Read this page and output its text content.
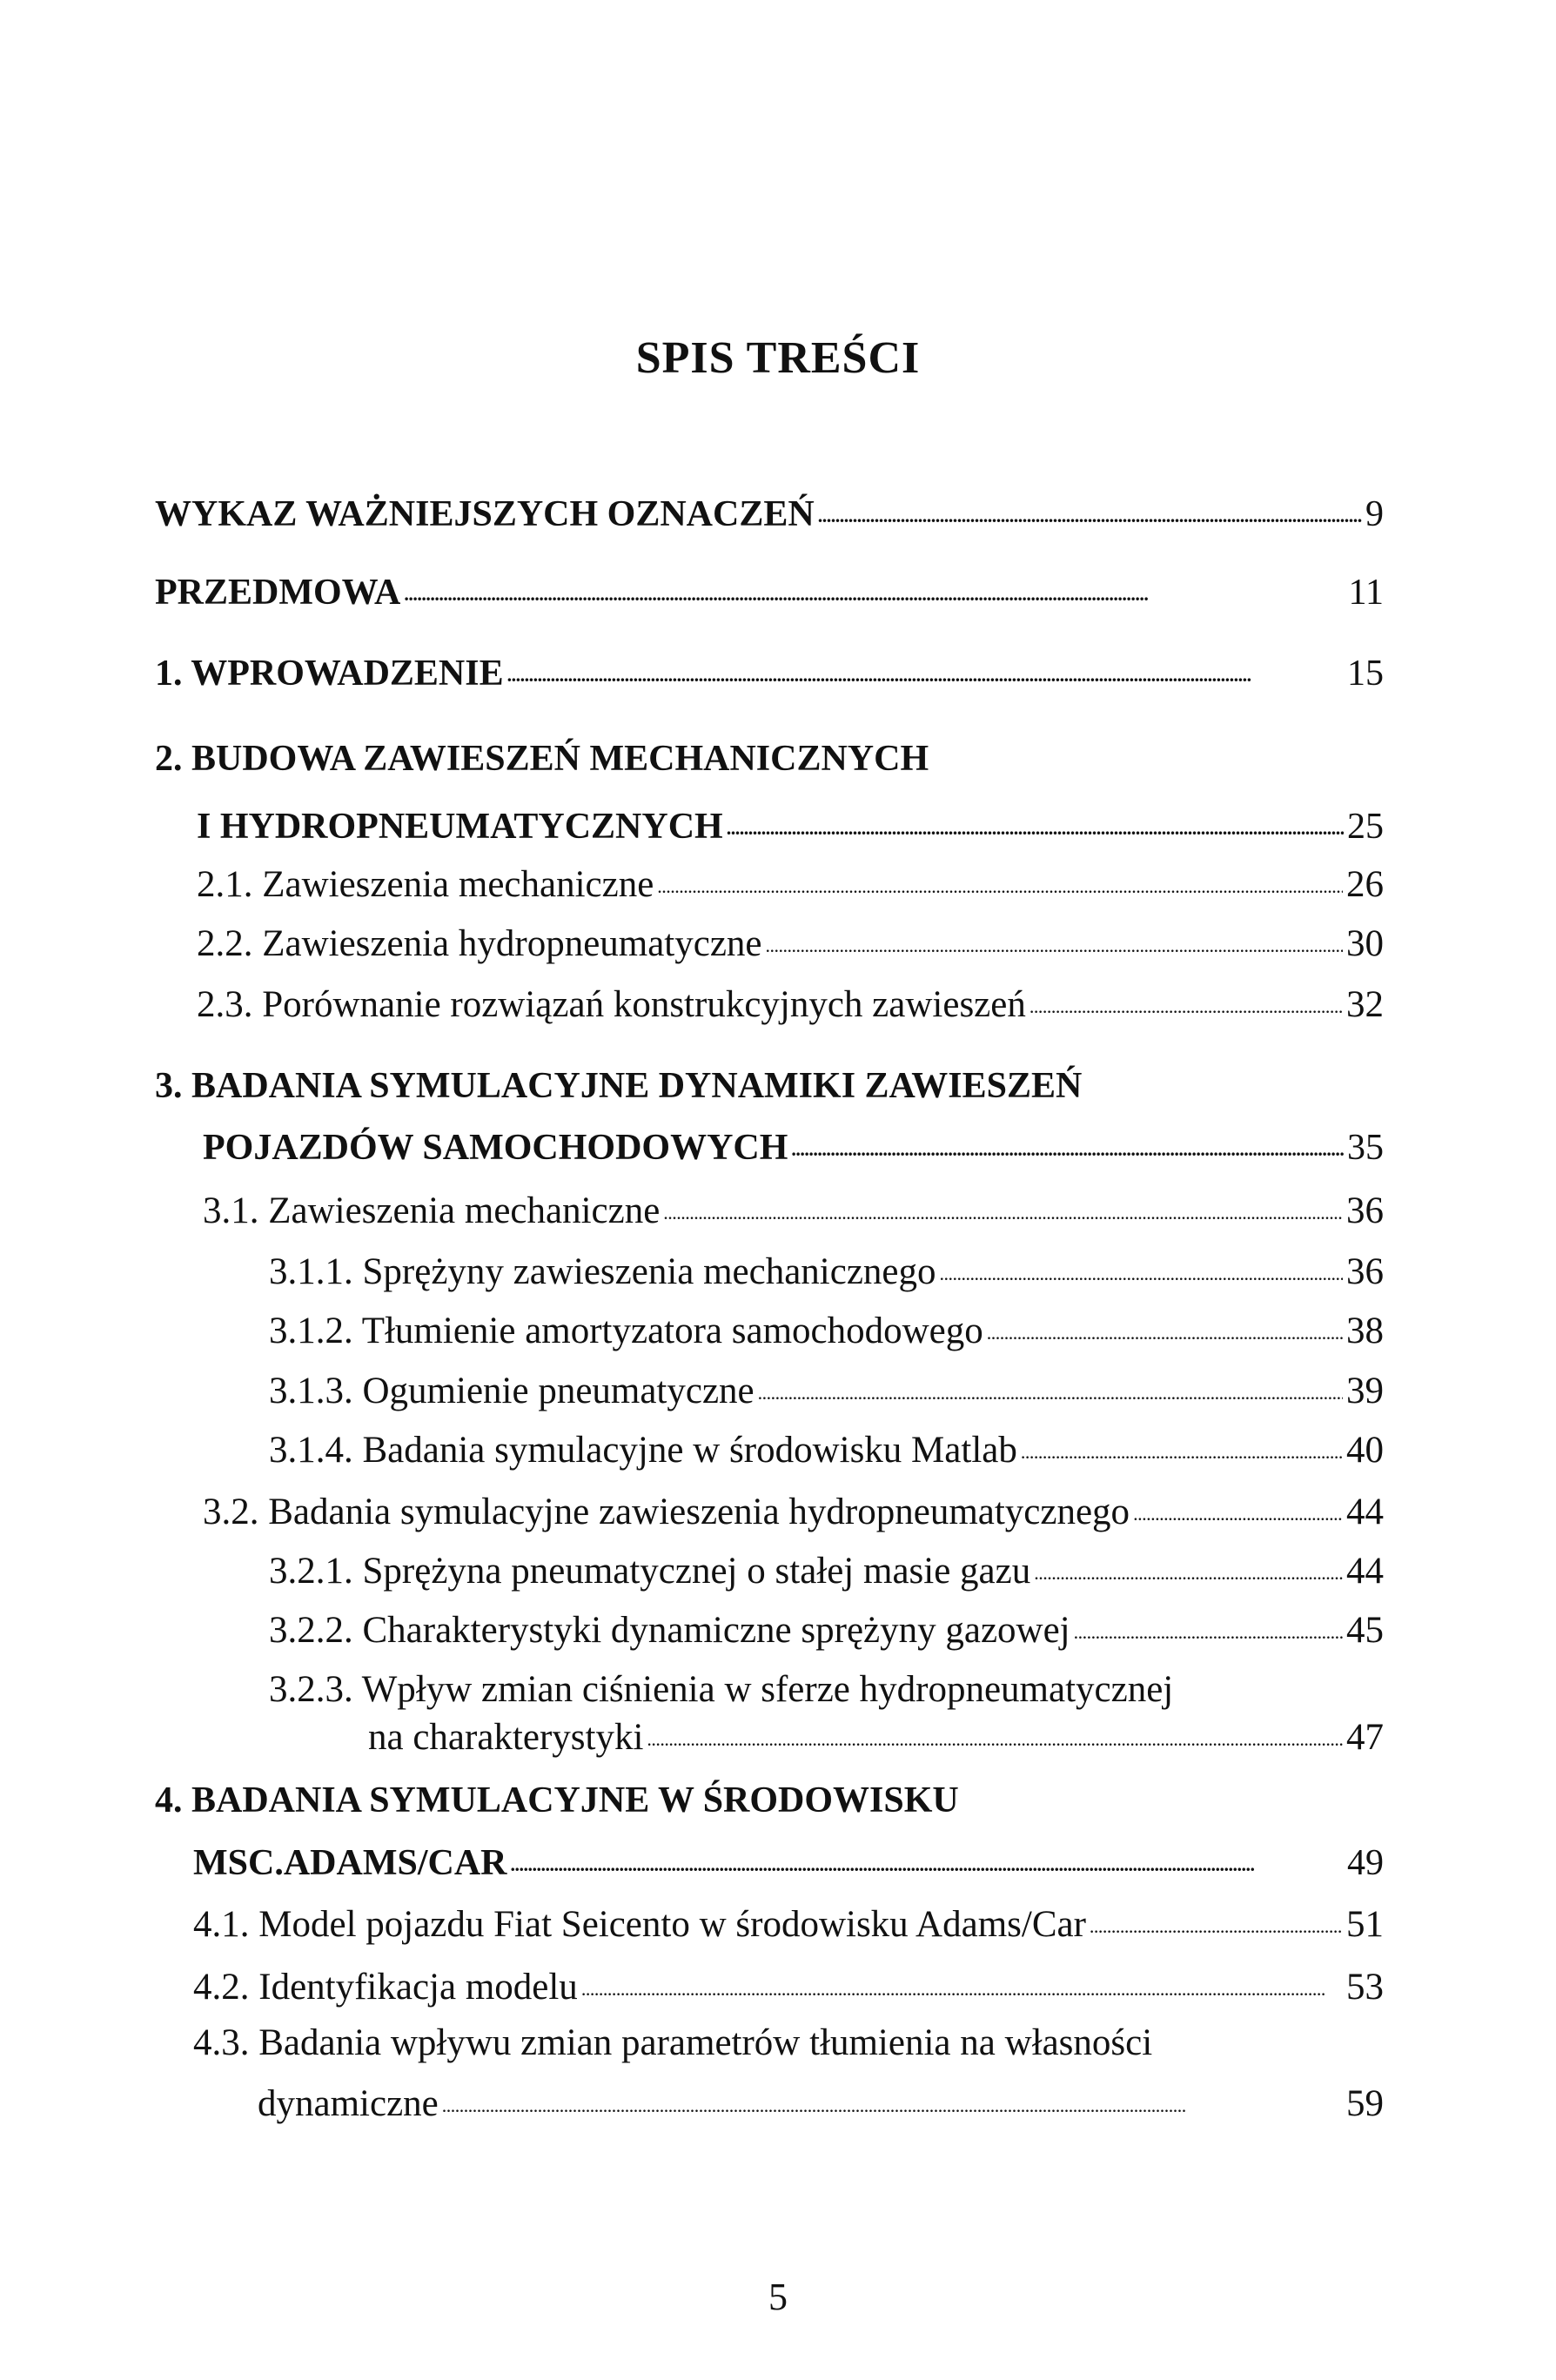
SPIS TREŚCI
WYKAZ WAŻNIEJSZYCH OZNACZEŃ . . .	9
PRZEDMOWA . . .	11
1. WPROWADZENIE . . .	15
2. BUDOWA ZAWIESZEŃ MECHANICZNYCH
I HYDROPNEUMATYCZNYCH . . .	25
2.1. Zawieszenia mechaniczne . . .	26
2.2. Zawieszenia hydropneumatyczne . . .	30
2.3. Porównanie rozwiązań konstrukcyjnych zawieszeń . . .	32
3. BADANIA SYMULACYJNE DYNAMIKI ZAWIESZEŃ
POJAZDÓW SAMOCHODOWYCH . . .	35
3.1. Zawieszenia mechaniczne . . .	36
3.1.1. Sprężyny zawieszenia mechanicznego . . .	36
3.1.2. Tłumienie amortyzatora samochodowego . . .	38
3.1.3. Ogumienie pneumatyczne . . .	39
3.1.4. Badania symulacyjne w środowisku Matlab . . .	40
3.2. Badania symulacyjne zawieszenia hydropneumatycznego . . .	44
3.2.1. Sprężyna pneumatycznej o stałej masie gazu . . .	44
3.2.2. Charakterystyki dynamiczne sprężyny gazowej . . .	45
3.2.3. Wpływ zmian ciśnienia w sferze hydropneumatycznej
na charakterystyki . . .	47
4. BADANIA SYMULACYJNE W ŚRODOWISKU
MSC.ADAMS/CAR . . .	49
4.1. Model pojazdu Fiat Seicento w środowisku Adams/Car . . .	51
4.2. Identyfikacja modelu . . .	53
4.3. Badania wpływu zmian parametrów tłumienia na własności
dynamiczne . . .	59
5
